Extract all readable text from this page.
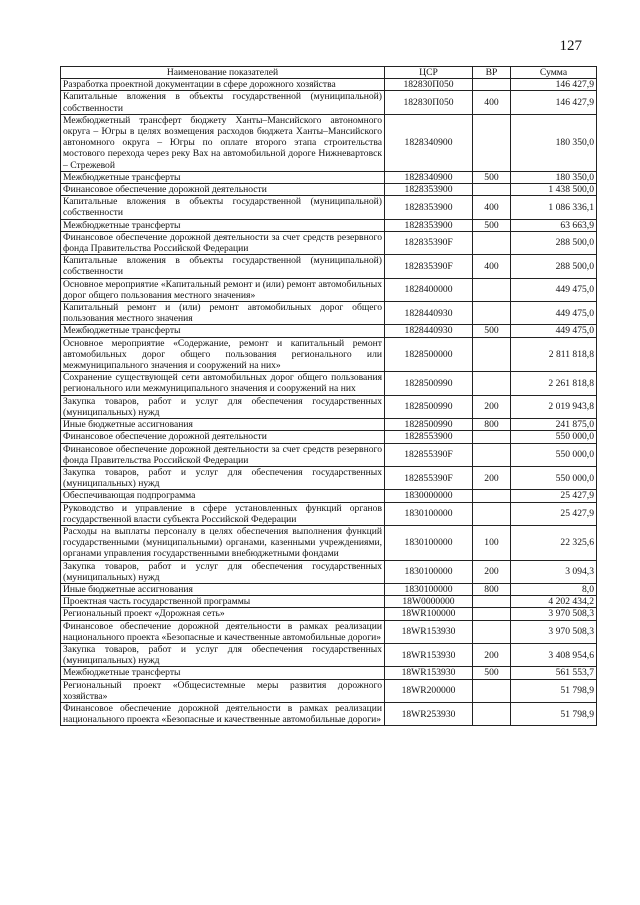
127
Наименование показателей	ЦСР	ВР	Сумма
Разработка проектной документации в сфере дорожного хозяйства	182830П050		146 427,9
Капитальные вложения в объекты государственной (муниципальной) собственности	182830П050	400	146 427,9
Межбюджетный трансферт бюджету Ханты–Мансийского автономного округа – Югры в целях возмещения расходов бюджета Ханты–Мансийского автономного округа – Югры по оплате второго этапа строительства мостового перехода через реку Вах на автомобильной дороге Нижневартовск – Стрежевой	1828340900		180 350,0
Межбюджетные трансферты	1828340900	500	180 350,0
Финансовое обеспечение дорожной деятельности	1828353900		1 438 500,0
Капитальные вложения в объекты государственной (муниципальной) собственности	1828353900	400	1 086 336,1
Межбюджетные трансферты	1828353900	500	63 663,9
Финансовое обеспечение дорожной деятельности за счет средств резервного фонда Правительства Российской Федерации	182835390F		288 500,0
Капитальные вложения в объекты государственной (муниципальной) собственности	182835390F	400	288 500,0
Основное мероприятие «Капитальный ремонт и (или) ремонт автомобильных дорог общего пользования местного значения»	1828400000		449 475,0
Капитальный ремонт и (или) ремонт автомобильных дорог общего пользования местного значения	1828440930		449 475,0
Межбюджетные трансферты	1828440930	500	449 475,0
Основное мероприятие «Содержание, ремонт и капитальный ремонт автомобильных дорог общего пользования регионального или межмуниципального значения и сооружений на них»	1828500000		2 811 818,8
Сохранение существующей сети автомобильных дорог общего пользования регионального или межмуниципального значения и сооружений на них	1828500990		2 261 818,8
Закупка товаров, работ и услуг для обеспечения государственных (муниципальных) нужд	1828500990	200	2 019 943,8
Иные бюджетные ассигнования	1828500990	800	241 875,0
Финансовое обеспечение дорожной деятельности	1828553900		550 000,0
Финансовое обеспечение дорожной деятельности за счет средств резервного фонда Правительства Российской Федерации	182855390F		550 000,0
Закупка товаров, работ и услуг для обеспечения государственных (муниципальных) нужд	182855390F	200	550 000,0
Обеспечивающая подпрограмма	1830000000		25 427,9
Руководство и управление в сфере установленных функций органов государственной власти субъекта Российской Федерации	1830100000		25 427,9
Расходы на выплаты персоналу в целях обеспечения выполнения функций государственными (муниципальными) органами, казенными учреждениями, органами управления государственными внебюджетными фондами	1830100000	100	22 325,6
Закупка товаров, работ и услуг для обеспечения государственных (муниципальных) нужд	1830100000	200	3 094,3
Иные бюджетные ассигнования	1830100000	800	8,0
Проектная часть государственной программы	18W0000000		4 202 434,2
Региональный проект «Дорожная сеть»	18WR100000		3 970 508,3
Финансовое обеспечение дорожной деятельности в рамках реализации национального проекта «Безопасные и качественные автомобильные дороги»	18WR153930		3 970 508,3
Закупка товаров, работ и услуг для обеспечения государственных (муниципальных) нужд	18WR153930	200	3 408 954,6
Межбюджетные трансферты	18WR153930	500	561 553,7
Региональный проект «Общесистемные меры развития дорожного хозяйства»	18WR200000		51 798,9
Финансовое обеспечение дорожной деятельности в рамках реализации национального проекта «Безопасные и качественные автомобильные дороги»	18WR253930		51 798,9
